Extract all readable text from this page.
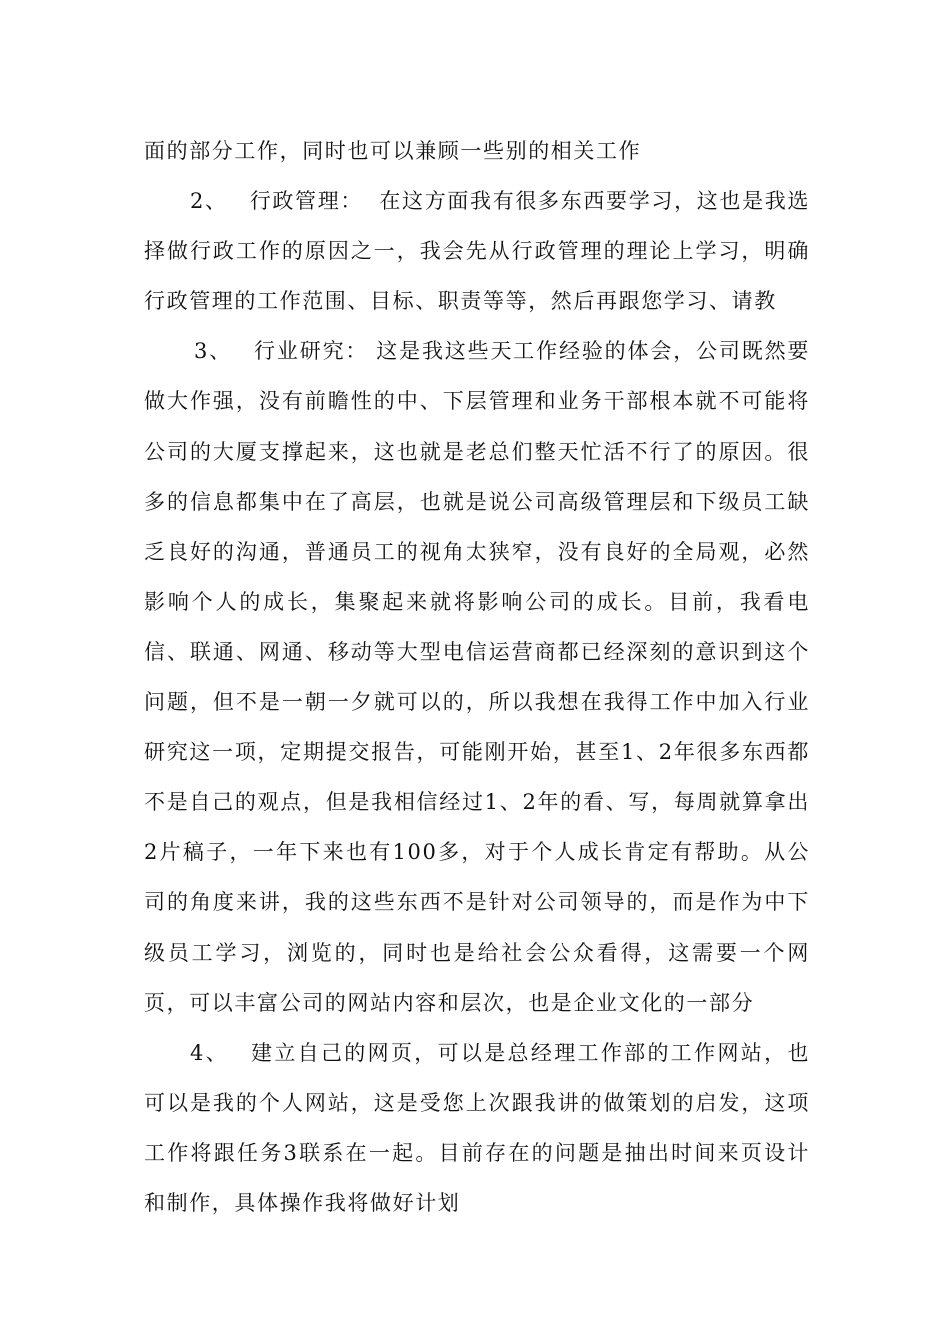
面的部分工作，同时也可以兼顾一些别的相关工作

2、 行政管理： 在这方面我有很多东西要学习，这也是我选择做行政工作的原因之一，我会先从行政管理的理论上学习，明确行政管理的工作范围、目标、职责等等，然后再跟您学习、请教

3、 行业研究： 这是我这些天工作经验的体会，公司既然要做大作强，没有前瞻性的中、下层管理和业务干部根本就不可能将公司的大厦支撑起来，这也就是老总们整天忙活不行了的原因。很多的信息都集中在了高层，也就是说公司高级管理层和下级员工缺乏良好的沟通，普通员工的视角太狭窄，没有良好的全局观，必然影响个人的成长，集聚起来就将影响公司的成长。目前，我看电信、联通、网通、移动等大型电信运营商都已经深刻的意识到这个问题，但不是一朝一夕就可以的，所以我想在我得工作中加入行业研究这一项，定期提交报告，可能刚开始，甚至1、2年很多东西都不是自己的观点，但是我相信经过1、2年的看、写，每周就算拿出2片稿子，一年下来也有100多，对于个人成长肯定有帮助。从公司的角度来讲，我的这些东西不是针对公司领导的，而是作为中下级员工学习，浏览的，同时也是给社会公众看得，这需要一个网页，可以丰富公司的网站内容和层次，也是企业文化的一部分

4、 建立自己的网页，可以是总经理工作部的工作网站，也可以是我的个人网站，这是受您上次跟我讲的做策划的启发，这项工作将跟任务3联系在一起。目前存在的问题是抽出时间来页设计和制作，具体操作我将做好计划
